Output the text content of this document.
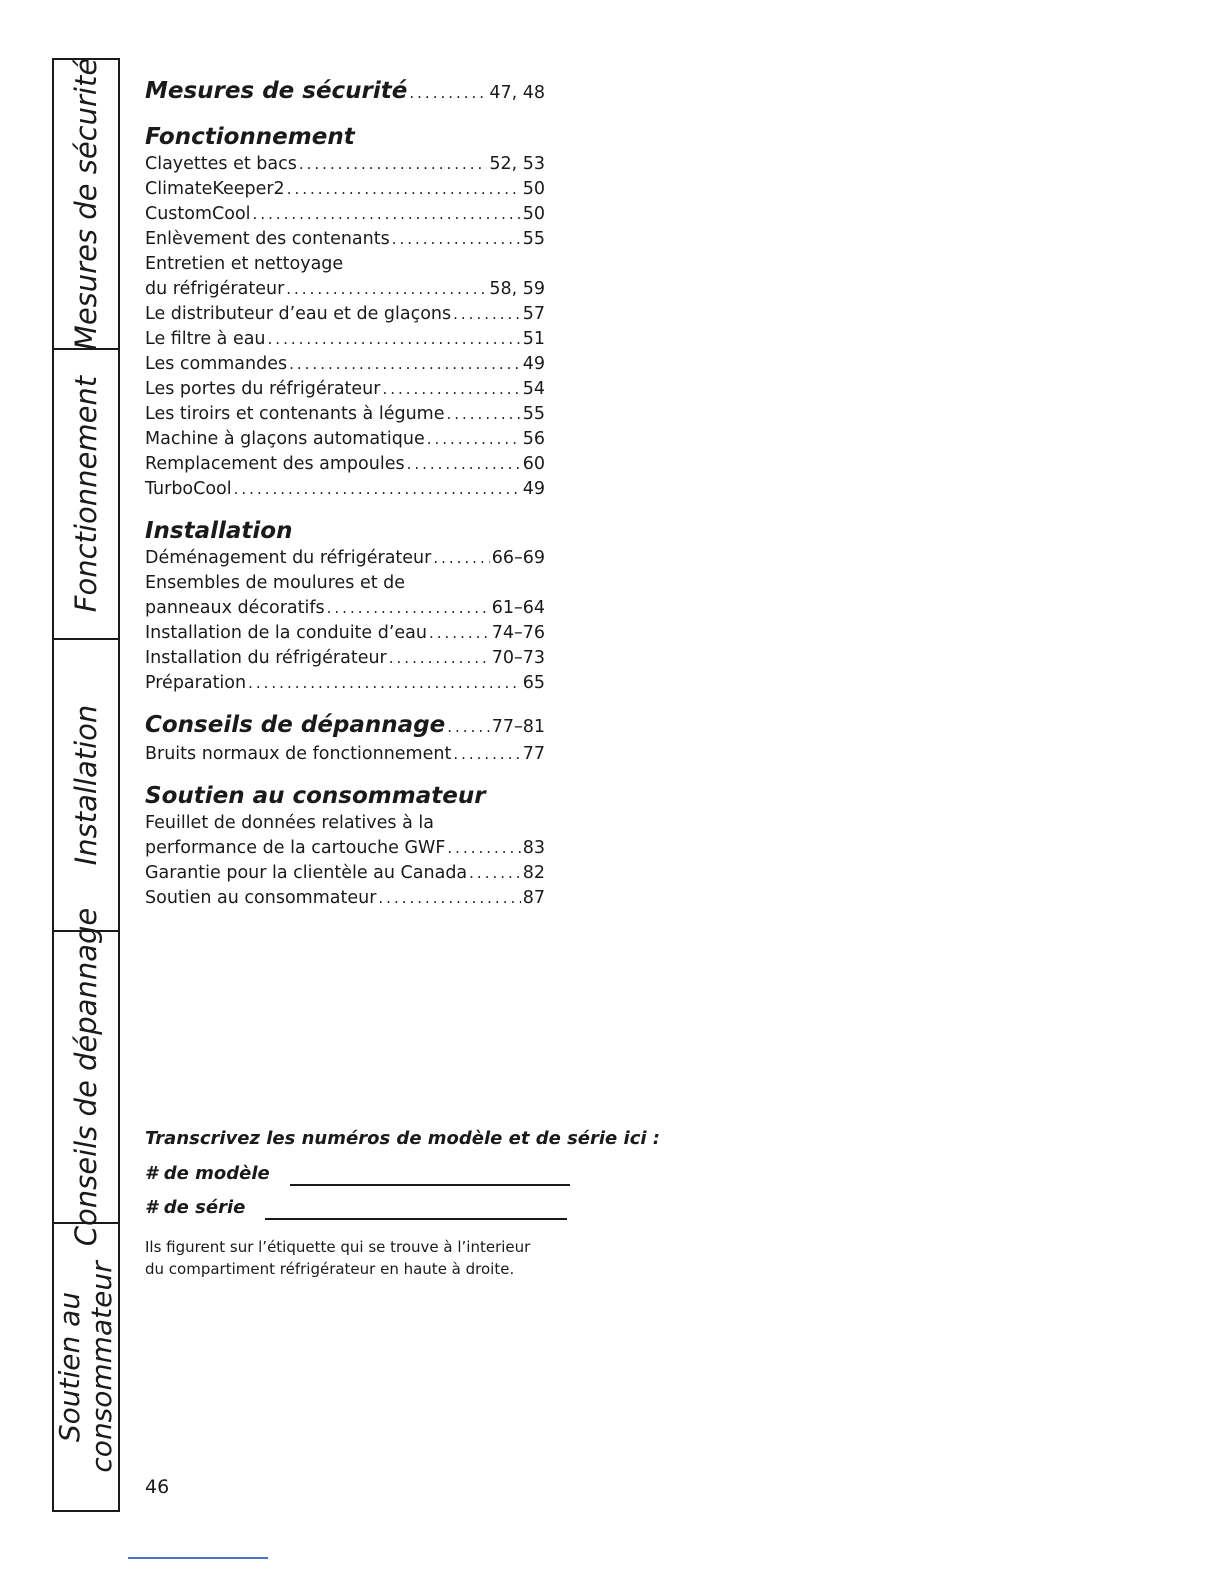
Mesures de sécurité
Fonctionnement
Installation
Conseils de dépannage
Soutien au consommateur
Mesures de sécurité .....	47, 48
Fonctionnement
Clayettes et bacs .....	52, 53
ClimateKeeper2 .....	50
CustomCool .....	50
Enlèvement des contenants .....	55
Entretien et nettoyage
du réfrigérateur .....	58, 59
Le distributeur d’eau et de glaçons .....	57
Le filtre à eau .....	51
Les commandes .....	49
Les portes du réfrigérateur .....	54
Les tiroirs et contenants à légume .....	55
Machine à glaçons automatique .....	56
Remplacement des ampoules .....	60
TurboCool .....	49
Installation
Déménagement du réfrigérateur .....	66–69
Ensembles de moulures et de
panneaux décoratifs .....	61–64
Installation de la conduite d’eau .....	74–76
Installation du réfrigérateur .....	70–73
Préparation .....	65
Conseils de dépannage .....	77–81
Bruits normaux de fonctionnement .....	77
Soutien au consommateur
Feuillet de données relatives à la
performance de la cartouche GWF .....	83
Garantie pour la clientèle au Canada .....	82
Soutien au consommateur .....	87
Transcrivez les numéros de modèle et de série ici :
# de modèle
# de série
Ils figurent sur l’étiquette qui se trouve à l’interieur
du compartiment réfrigérateur en haute à droite.
46
